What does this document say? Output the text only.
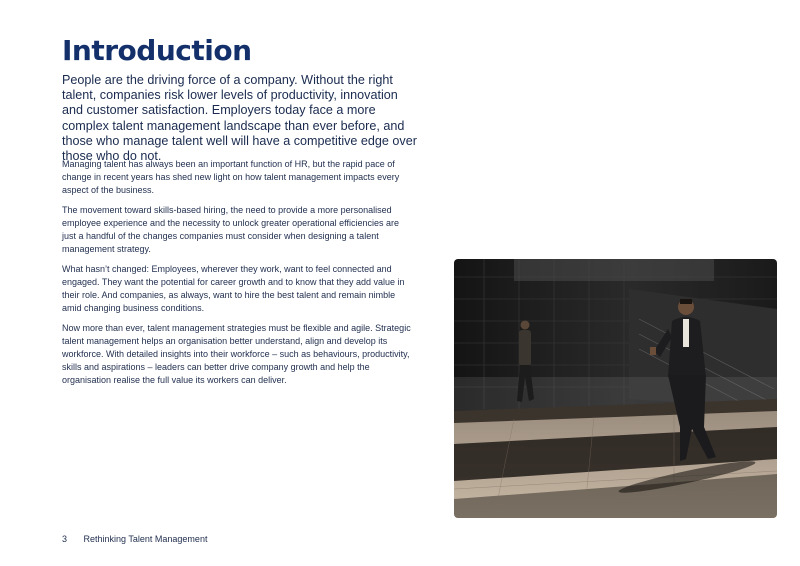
Introduction

People are the driving force of a company. Without the right talent, companies risk lower levels of productivity, innovation and customer satisfaction. Employers today face a more complex talent management landscape than ever before, and those who manage talent well will have a competitive edge over those who do not.

Managing talent has always been an important function of HR, but the rapid pace of change in recent years has shed new light on how talent management impacts every aspect of the business.

The movement toward skills-based hiring, the need to provide a more personalised employee experience and the necessity to unlock greater operational efficiencies are just a handful of the changes companies must consider when designing a talent management strategy.

What hasn’t changed: Employees, wherever they work, want to feel connected and engaged. They want the potential for career growth and to know that they add value in their role. And companies, as always, want to hire the best talent and remain nimble amid changing business conditions.

Now more than ever, talent management strategies must be flexible and agile. Strategic talent management helps an organisation better understand, align and develop its workforce. With detailed insights into their workforce – such as behaviours, productivity, skills and aspirations – leaders can better drive company growth and help the organisation realise the full value its workers can deliver.

3 Rethinking Talent Management
